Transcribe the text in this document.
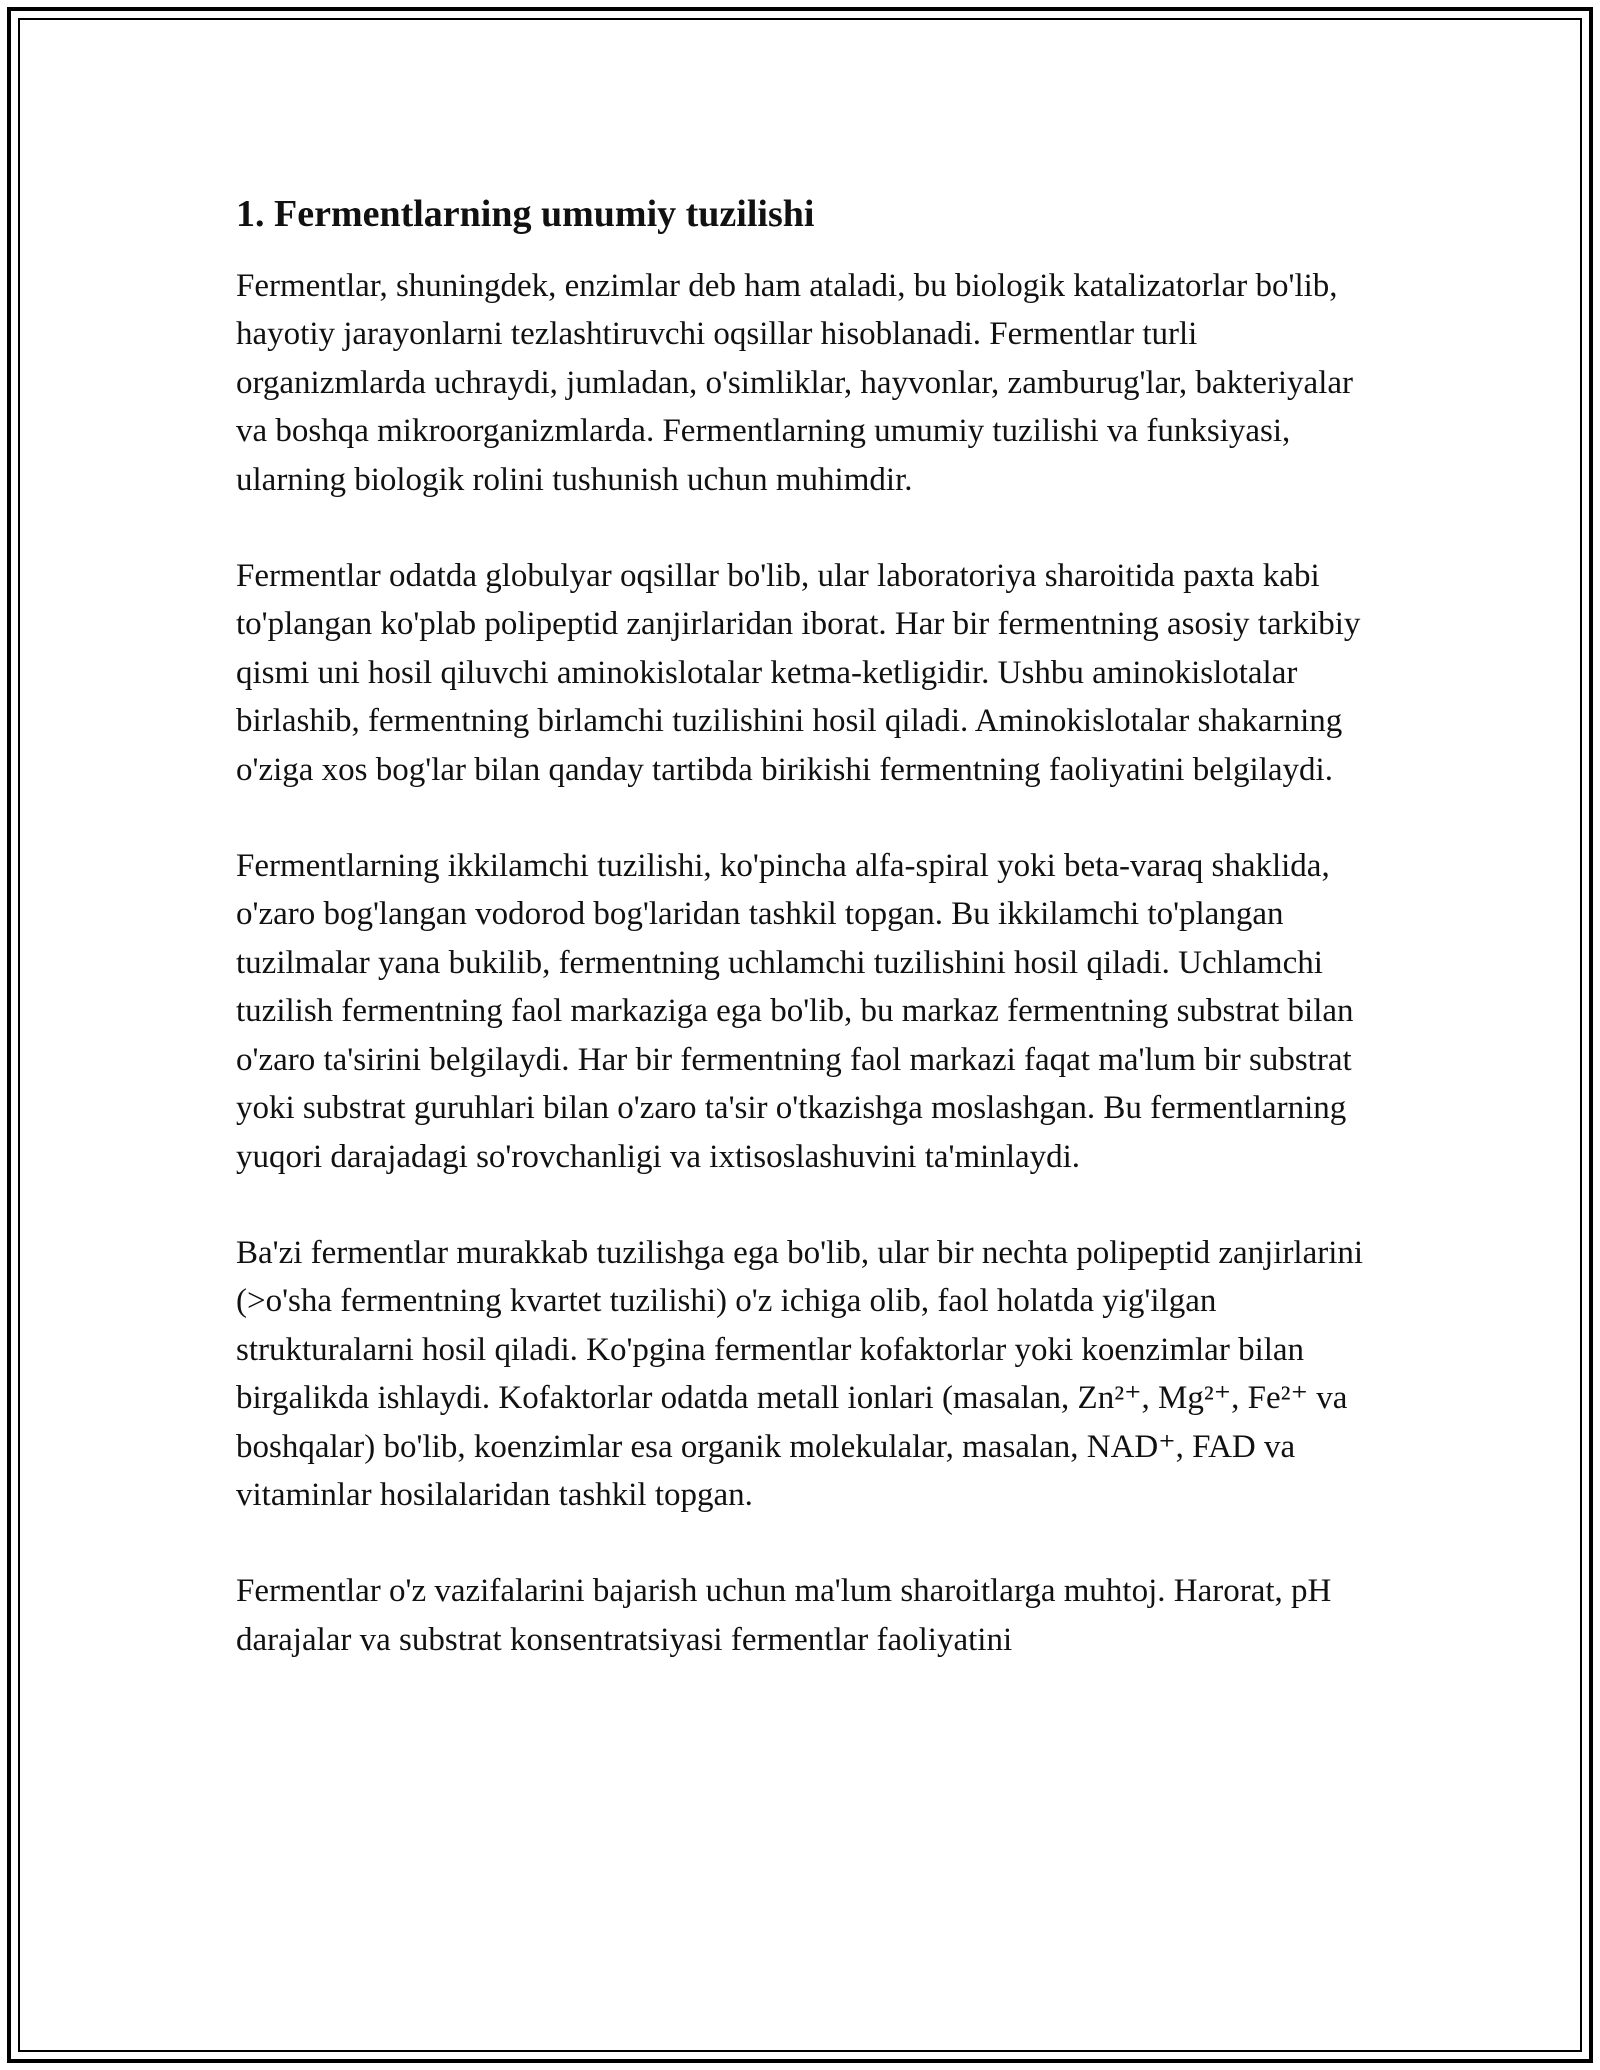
1. Fermentlarning umumiy tuzilishi

Fermentlar, shuningdek, enzimlar deb ham ataladi, bu biologik katalizatorlar bo'lib, hayotiy jarayonlarni tezlashtiruvchi oqsillar hisoblanadi. Fermentlar turli organizmlarda uchraydi, jumladan, o'simliklar, hayvonlar, zamburug'lar, bakteriyalar va boshqa mikroorganizmlarda. Fermentlarning umumiy tuzilishi va funksiyasi, ularning biologik rolini tushunish uchun muhimdir.

Fermentlar odatda globulyar oqsillar bo'lib, ular laboratoriya sharoitida paxta kabi to'plangan ko'plab polipeptid zanjirlaridan iborat. Har bir fermentning asosiy tarkibiy qismi uni hosil qiluvchi aminokislotalar ketma-ketligidir. Ushbu aminokislotalar birlashib, fermentning birlamchi tuzilishini hosil qiladi. Aminokislotalar shakarning o'ziga xos bog'lar bilan qanday tartibda birikishi fermentning faoliyatini belgilaydi.

Fermentlarning ikkilamchi tuzilishi, ko'pincha alfa-spiral yoki beta-varaq shaklida, o'zaro bog'langan vodorod bog'laridan tashkil topgan. Bu ikkilamchi to'plangan tuzilmalar yana bukilib, fermentning uchlamchi tuzilishini hosil qiladi. Uchlamchi tuzilish fermentning faol markaziga ega bo'lib, bu markaz fermentning substrat bilan o'zaro ta'sirini belgilaydi. Har bir fermentning faol markazi faqat ma'lum bir substrat yoki substrat guruhlari bilan o'zaro ta'sir o'tkazishga moslashgan. Bu fermentlarning yuqori darajadagi so'rovchanligi va ixtisoslashuvini ta'minlaydi.

Ba'zi fermentlar murakkab tuzilishga ega bo'lib, ular bir nechta polipeptid zanjirlarini (>o'sha fermentning kvartet tuzilishi) o'z ichiga olib, faol holatda yig'ilgan strukturalarni hosil qiladi. Ko'pgina fermentlar kofaktorlar yoki koenzimlar bilan birgalikda ishlaydi. Kofaktorlar odatda metall ionlari (masalan, Zn²⁺, Mg²⁺, Fe²⁺ va boshqalar) bo'lib, koenzimlar esa organik molekulalar, masalan, NAD⁺, FAD va vitaminlar hosilalaridan tashkil topgan.

Fermentlar o'z vazifalarini bajarish uchun ma'lum sharoitlarga muhtoj. Harorat, pH darajalar va substrat konsentratsiyasi fermentlar faoliyatini
